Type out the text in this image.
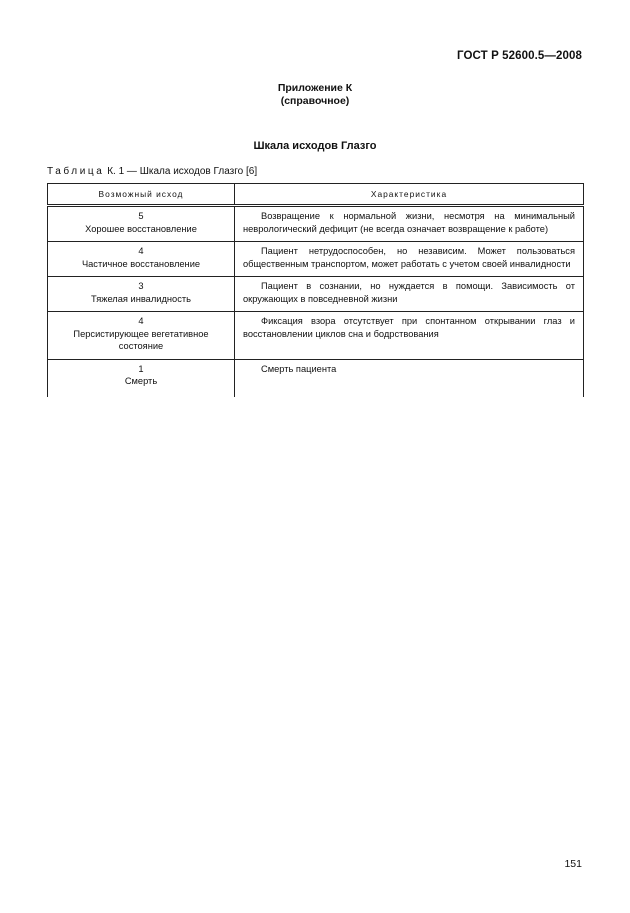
ГОСТ Р 52600.5—2008
Приложение К
(справочное)
Шкала исходов Глазго
Таблица К. 1 — Шкала исходов Глазго [6]
Возможный исход	Характеристика

5
Хорошее восстановление	Возвращение к нормальной жизни, несмотря на минимальный неврологический дефицит (не всегда означает возвращение к работе)

4
Частичное восстановление	Пациент нетрудоспособен, но независим. Может пользоваться общественным транспортом, может работать с учетом своей инвалидности

3
Тяжелая инвалидность	Пациент в сознании, но нуждается в помощи. Зависимость от окружающих в повседневной жизни

4
Персистирующее вегетативное состояние	Фиксация взора отсутствует при спонтанном открывании глаз и восстановлении циклов сна и бодрствования

1
Смерть	Смерть пациента
151
